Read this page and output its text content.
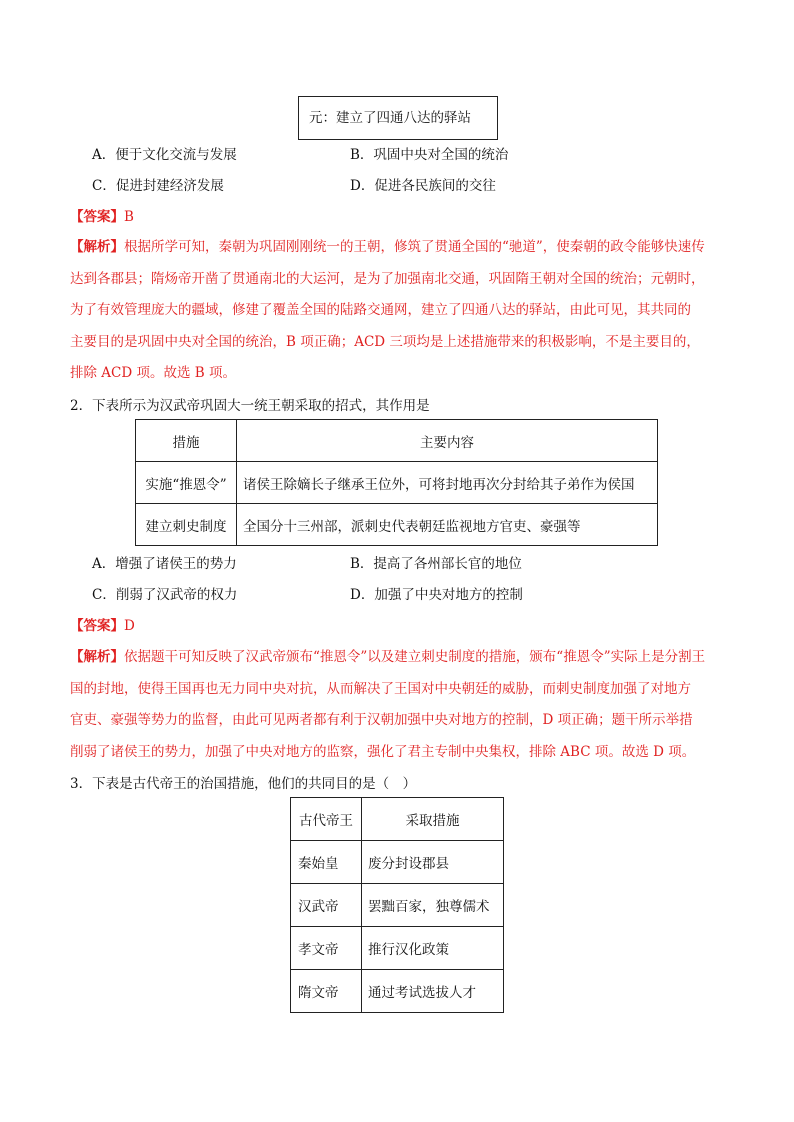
元：建立了四通八达的驿站
A．便于文化交流与发展	B．巩固中央对全国的统治
C．促进封建经济发展	D．促进各民族间的交往
【答案】B
【解析】根据所学可知，秦朝为巩固刚刚统一的王朝，修筑了贯通全国的“驰道”，使秦朝的政令能够快速传
达到各郡县；隋炀帝开凿了贯通南北的大运河，是为了加强南北交通，巩固隋王朝对全国的统治；元朝时，
为了有效管理庞大的疆域，修建了覆盖全国的陆路交通网，建立了四通八达的驿站，由此可见，其共同的
主要目的是巩固中央对全国的统治，B 项正确；ACD 三项均是上述措施带来的积极影响，不是主要目的，
排除 ACD 项。故选 B 项。
2．下表所示为汉武帝巩固大一统王朝采取的招式，其作用是
措施	主要内容
实施“推恩令”	诸侯王除嫡长子继承王位外，可将封地再次分封给其子弟作为侯国
建立刺史制度	全国分十三州部，派刺史代表朝廷监视地方官吏、豪强等
A．增强了诸侯王的势力	B．提高了各州部长官的地位
C．削弱了汉武帝的权力	D．加强了中央对地方的控制
【答案】D
【解析】依据题干可知反映了汉武帝颁布“推恩令”以及建立刺史制度的措施，颁布“推恩令”实际上是分割王
国的封地，使得王国再也无力同中央对抗，从而解决了王国对中央朝廷的威胁，而刺史制度加强了对地方
官吏、豪强等势力的监督，由此可见两者都有利于汉朝加强中央对地方的控制，D 项正确；题干所示举措
削弱了诸侯王的势力，加强了中央对地方的监察，强化了君主专制中央集权，排除 ABC 项。故选 D 项。
3．下表是古代帝王的治国措施，他们的共同目的是（　）
古代帝王	采取措施
秦始皇	废分封设郡县
汉武帝	罢黜百家，独尊儒术
孝文帝	推行汉化政策
隋文帝	通过考试选拔人才
